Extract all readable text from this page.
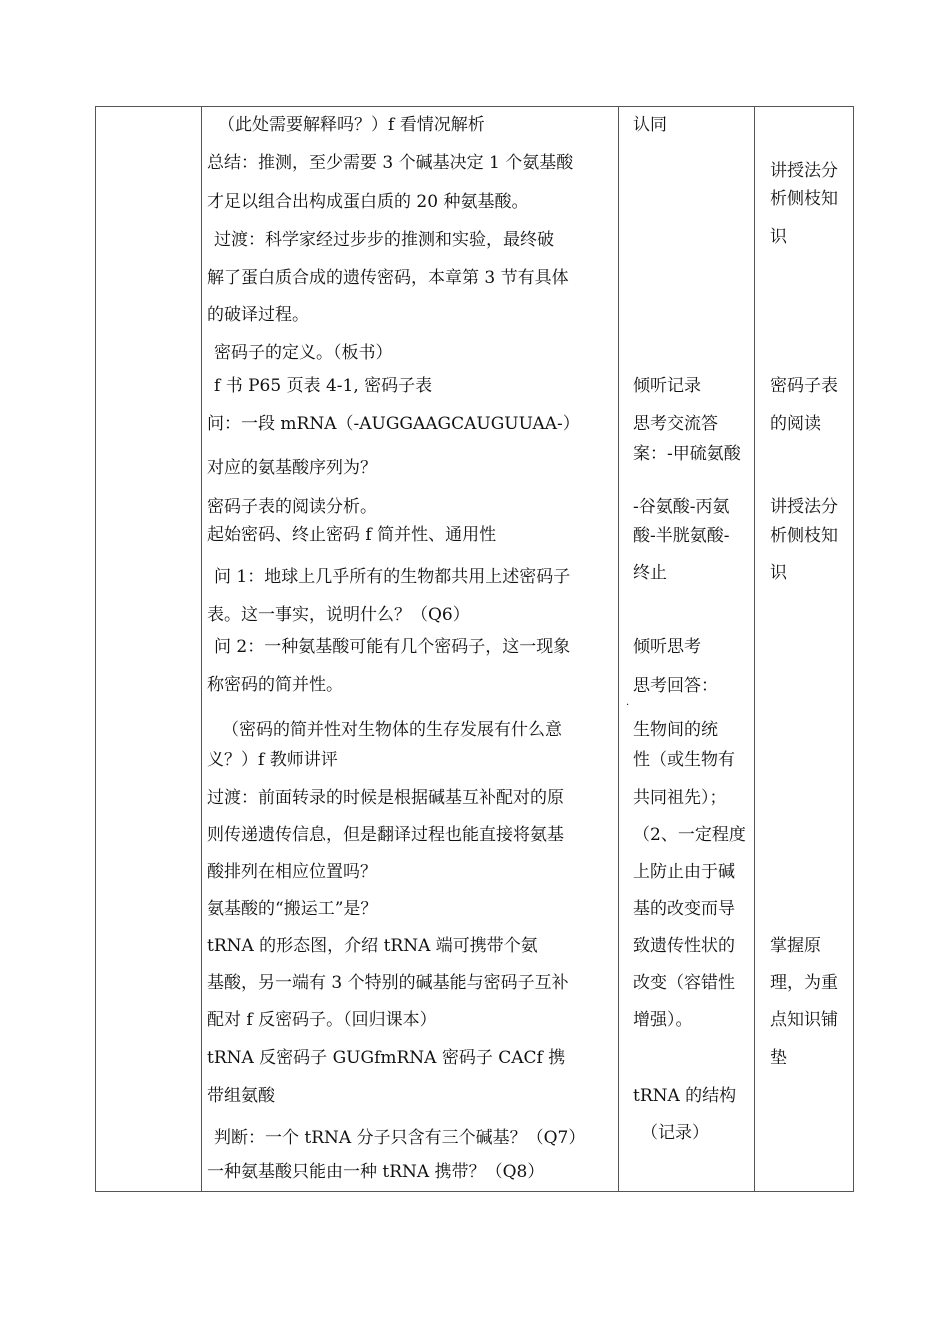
（此处需要解释吗？）f 看情况解析
总结：推测，至少需要 3 个碱基决定 1 个氨基酸
才足以组合出构成蛋白质的 20 种氨基酸。
过渡：科学家经过步步的推测和实验，最终破
解了蛋白质合成的遗传密码，本章第 3 节有具体
的破译过程。
密码子的定义。（板书）
f 书 P65 页表 4-1, 密码子表
问：一段 mRNA（-AUGGAAGCAUGUUAA-）
对应的氨基酸序列为？
密码子表的阅读分析。
起始密码、终止密码 f 简并性、通用性
问 1：地球上几乎所有的生物都共用上述密码子
表。这一事实，说明什么？（Q6）
问 2：一种氨基酸可能有几个密码子，这一现象
称密码的简并性。
（密码的简并性对生物体的生存发展有什么意
义？）f 教师讲评
过渡：前面转录的时候是根据碱基互补配对的原
则传递遗传信息，但是翻译过程也能直接将氨基
酸排列在相应位置吗？
氨基酸的“搬运工”是？
tRNA 的形态图，介绍 tRNA 端可携带个氨
基酸，另一端有 3 个特别的碱基能与密码子互补
配对 f 反密码子。（回归课本）
tRNA 反密码子 GUGfmRNA 密码子 CACf 携
带组氨酸
判断：一个 tRNA 分子只含有三个碱基？（Q7）
一种氨基酸只能由一种 tRNA 携带？（Q8）
认同
倾听记录
思考交流答
案：-甲硫氨酸
-谷氨酸-丙氨
酸-半胱氨酸-
终止
倾听思考
思考回答：
·
生物间的统
性（或生物有
共同祖先）；
（2、一定程度
上防止由于碱
基的改变而导
致遗传性状的
改变（容错性
增强）。
tRNA 的结构
（记录）
讲授法分
析侧枝知
识
密码子表
的阅读
讲授法分
析侧枝知
识
掌握原
理，为重
点知识铺
垫
